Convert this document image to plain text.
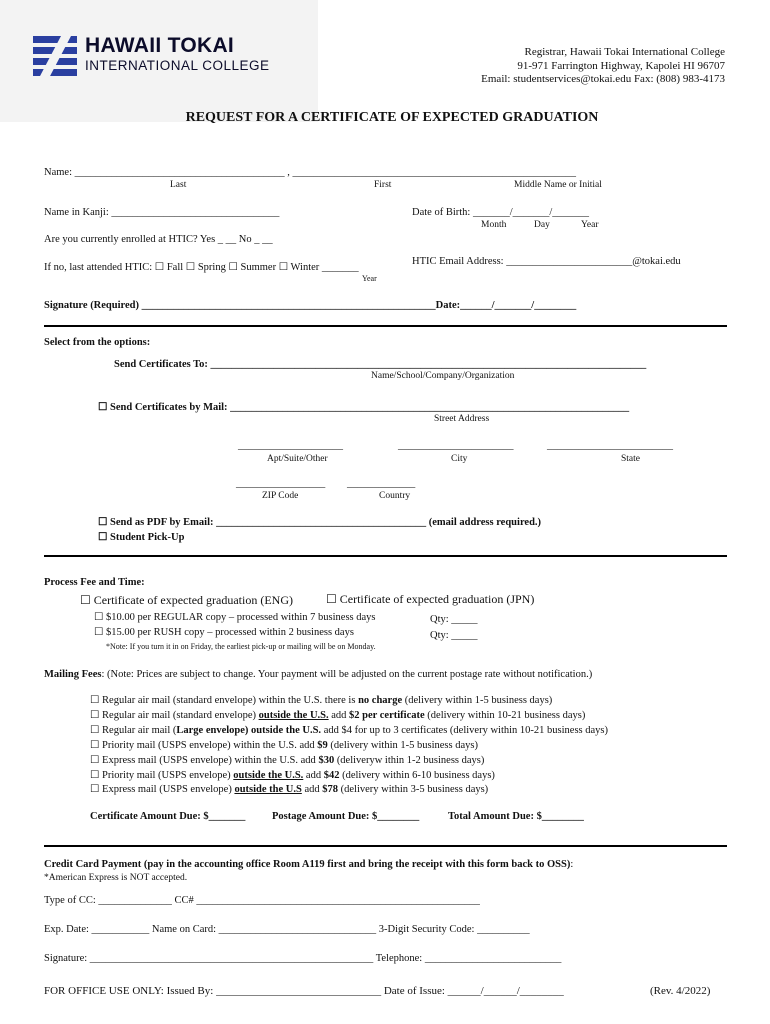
HAWAII TOKAI
INTERNATIONAL COLLEGE
Registrar, Hawaii Tokai International College
91-971 Farrington Highway, Kapolei HI 96707
Email: studentservices@tokai.edu Fax: (808) 983-4173
REQUEST FOR A CERTIFICATE OF EXPECTED GRADUATION
Name: ________________________________________ , ______________________________________________________
Last	First	Middle Name or Initial
Name in Kanji: ________________________________	Date of Birth: _______/_______/_______
Month	Day	Year
Are you currently enrolled at HTIC? Yes _ __ No _ __
If no, last attended HTIC: ☐ Fall ☐ Spring ☐ Summer ☐ Winter _______
Year
HTIC Email Address: ________________________@tokai.edu
Signature (Required) ________________________________________________________Date:______/_______/________
Select from the options:
Send Certificates To: ___________________________________________________________________________________
Name/School/Company/Organization
☐ Send Certificates by Mail: ____________________________________________________________________________
Street Address
____________________	______________________	________________________
Apt/Suite/Other	City	State
_________________ _____________
ZIP Code	Country
☐ Send as PDF by Email: ________________________________________ (email address required.)
☐ Student Pick-Up
Process Fee and Time:
☐ Certificate of expected graduation (ENG)	☐ Certificate of expected graduation (JPN)
☐ $10.00 per REGULAR copy – processed within 7 business days
☐ $15.00 per RUSH copy – processed within 2 business days
Qty: _____
Qty: _____
*Note: If you turn it in on Friday, the earliest pick-up or mailing will be on Monday.
Mailing Fees: (Note: Prices are subject to change. Your payment will be adjusted on the current postage rate without notification.)
☐ Regular air mail (standard envelope) within the U.S. there is no charge (delivery within 1-5 business days)
☐ Regular air mail (standard envelope) outside the U.S. add $2 per certificate (delivery within 10-21 business days)
☐ Regular air mail (Large envelope) outside the U.S. add $4 for up to 3 certificates (delivery within 10-21 business days)
☐ Priority mail (USPS envelope) within the U.S. add $9 (delivery within 1-5 business days)
☐ Express mail (USPS envelope) within the U.S. add $30 (deliveryw ithin 1-2 business days)
☐ Priority mail (USPS envelope) outside the U.S. add $42 (delivery within 6-10 business days)
☐ Express mail (USPS envelope) outside the U.S add $78 (delivery within 3-5 business days)
Certificate Amount Due: $_______	Postage Amount Due: $________	Total Amount Due: $________
Credit Card Payment (pay in the accounting office Room A119 first and bring the receipt with this form back to OSS):
*American Express is NOT accepted.
Type of CC: ______________ CC# ______________________________________________________
Exp. Date: ___________ Name on Card: ______________________________ 3-Digit Security Code: __________
Signature: ______________________________________________________ Telephone: __________________________
FOR OFFICE USE ONLY: Issued By: ______________________________ Date of Issue: ______/______/________	(Rev. 4/2022)
